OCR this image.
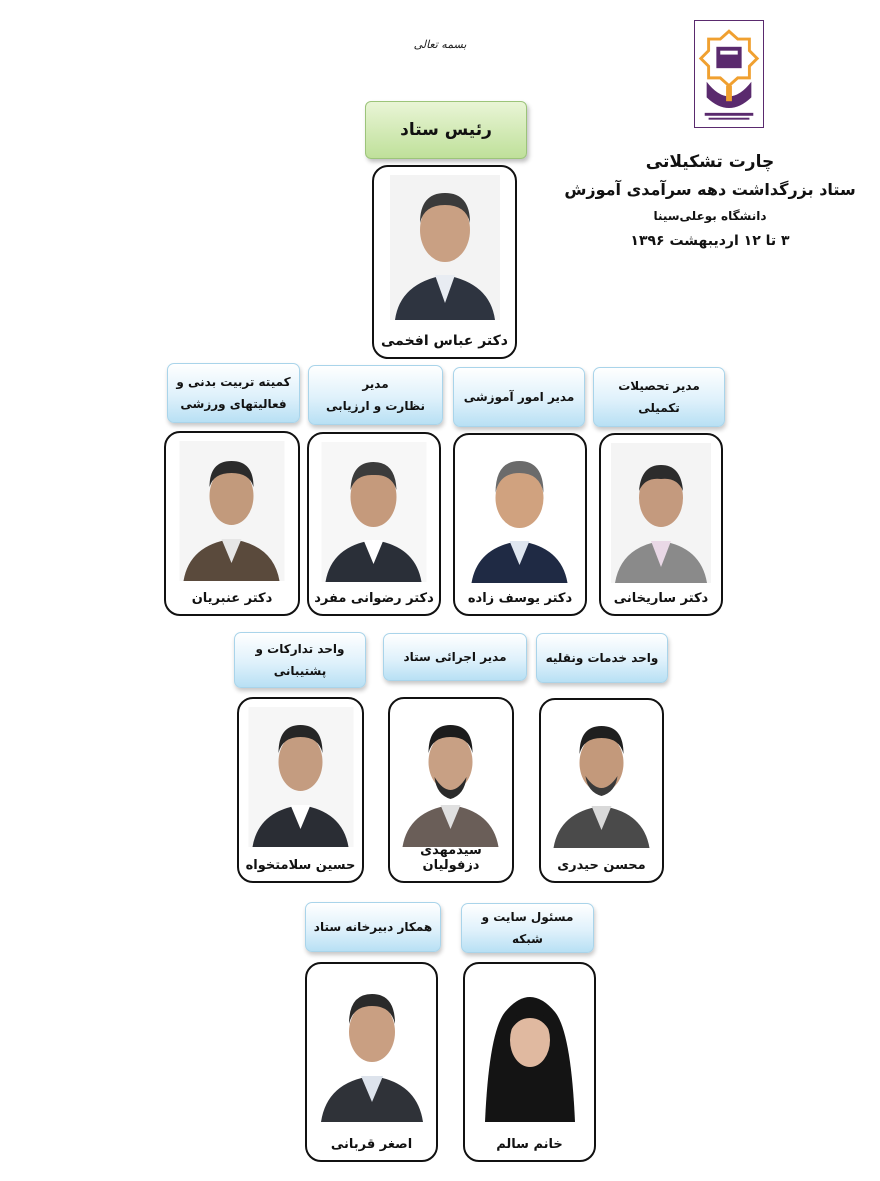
بسمه تعالی
چارت تشکیلاتی
ستاد بزرگداشت دهه سرآمدی آموزش
دانشگاه بوعلی‌سینا
۳ تا ۱۲ اردیبهشت ۱۳۹۶
رئیس ستاد
دکتر عباس افخمی
مدیر تحصیلات
تکمیلی
مدیر امور آموزشی
مدیر
نظارت و ارزیابی
کمیته تربیت بدنی و
فعالیتهای ورزشی
دکتر ساریخانی
دکتر یوسف زاده
دکتر رضوانی مفرد
دکتر عنبریان
واحد خدمات ونقلیه
مدیر اجرائی ستاد
واحد تدارکات و
پشتیبانی
محسن حیدری
سیدمهدی دزفولیان
حسین سلامتخواه
مسئول سایت و شبکه
همکار دبیرخانه ستاد
خانم سالم
اصغر قربانی
